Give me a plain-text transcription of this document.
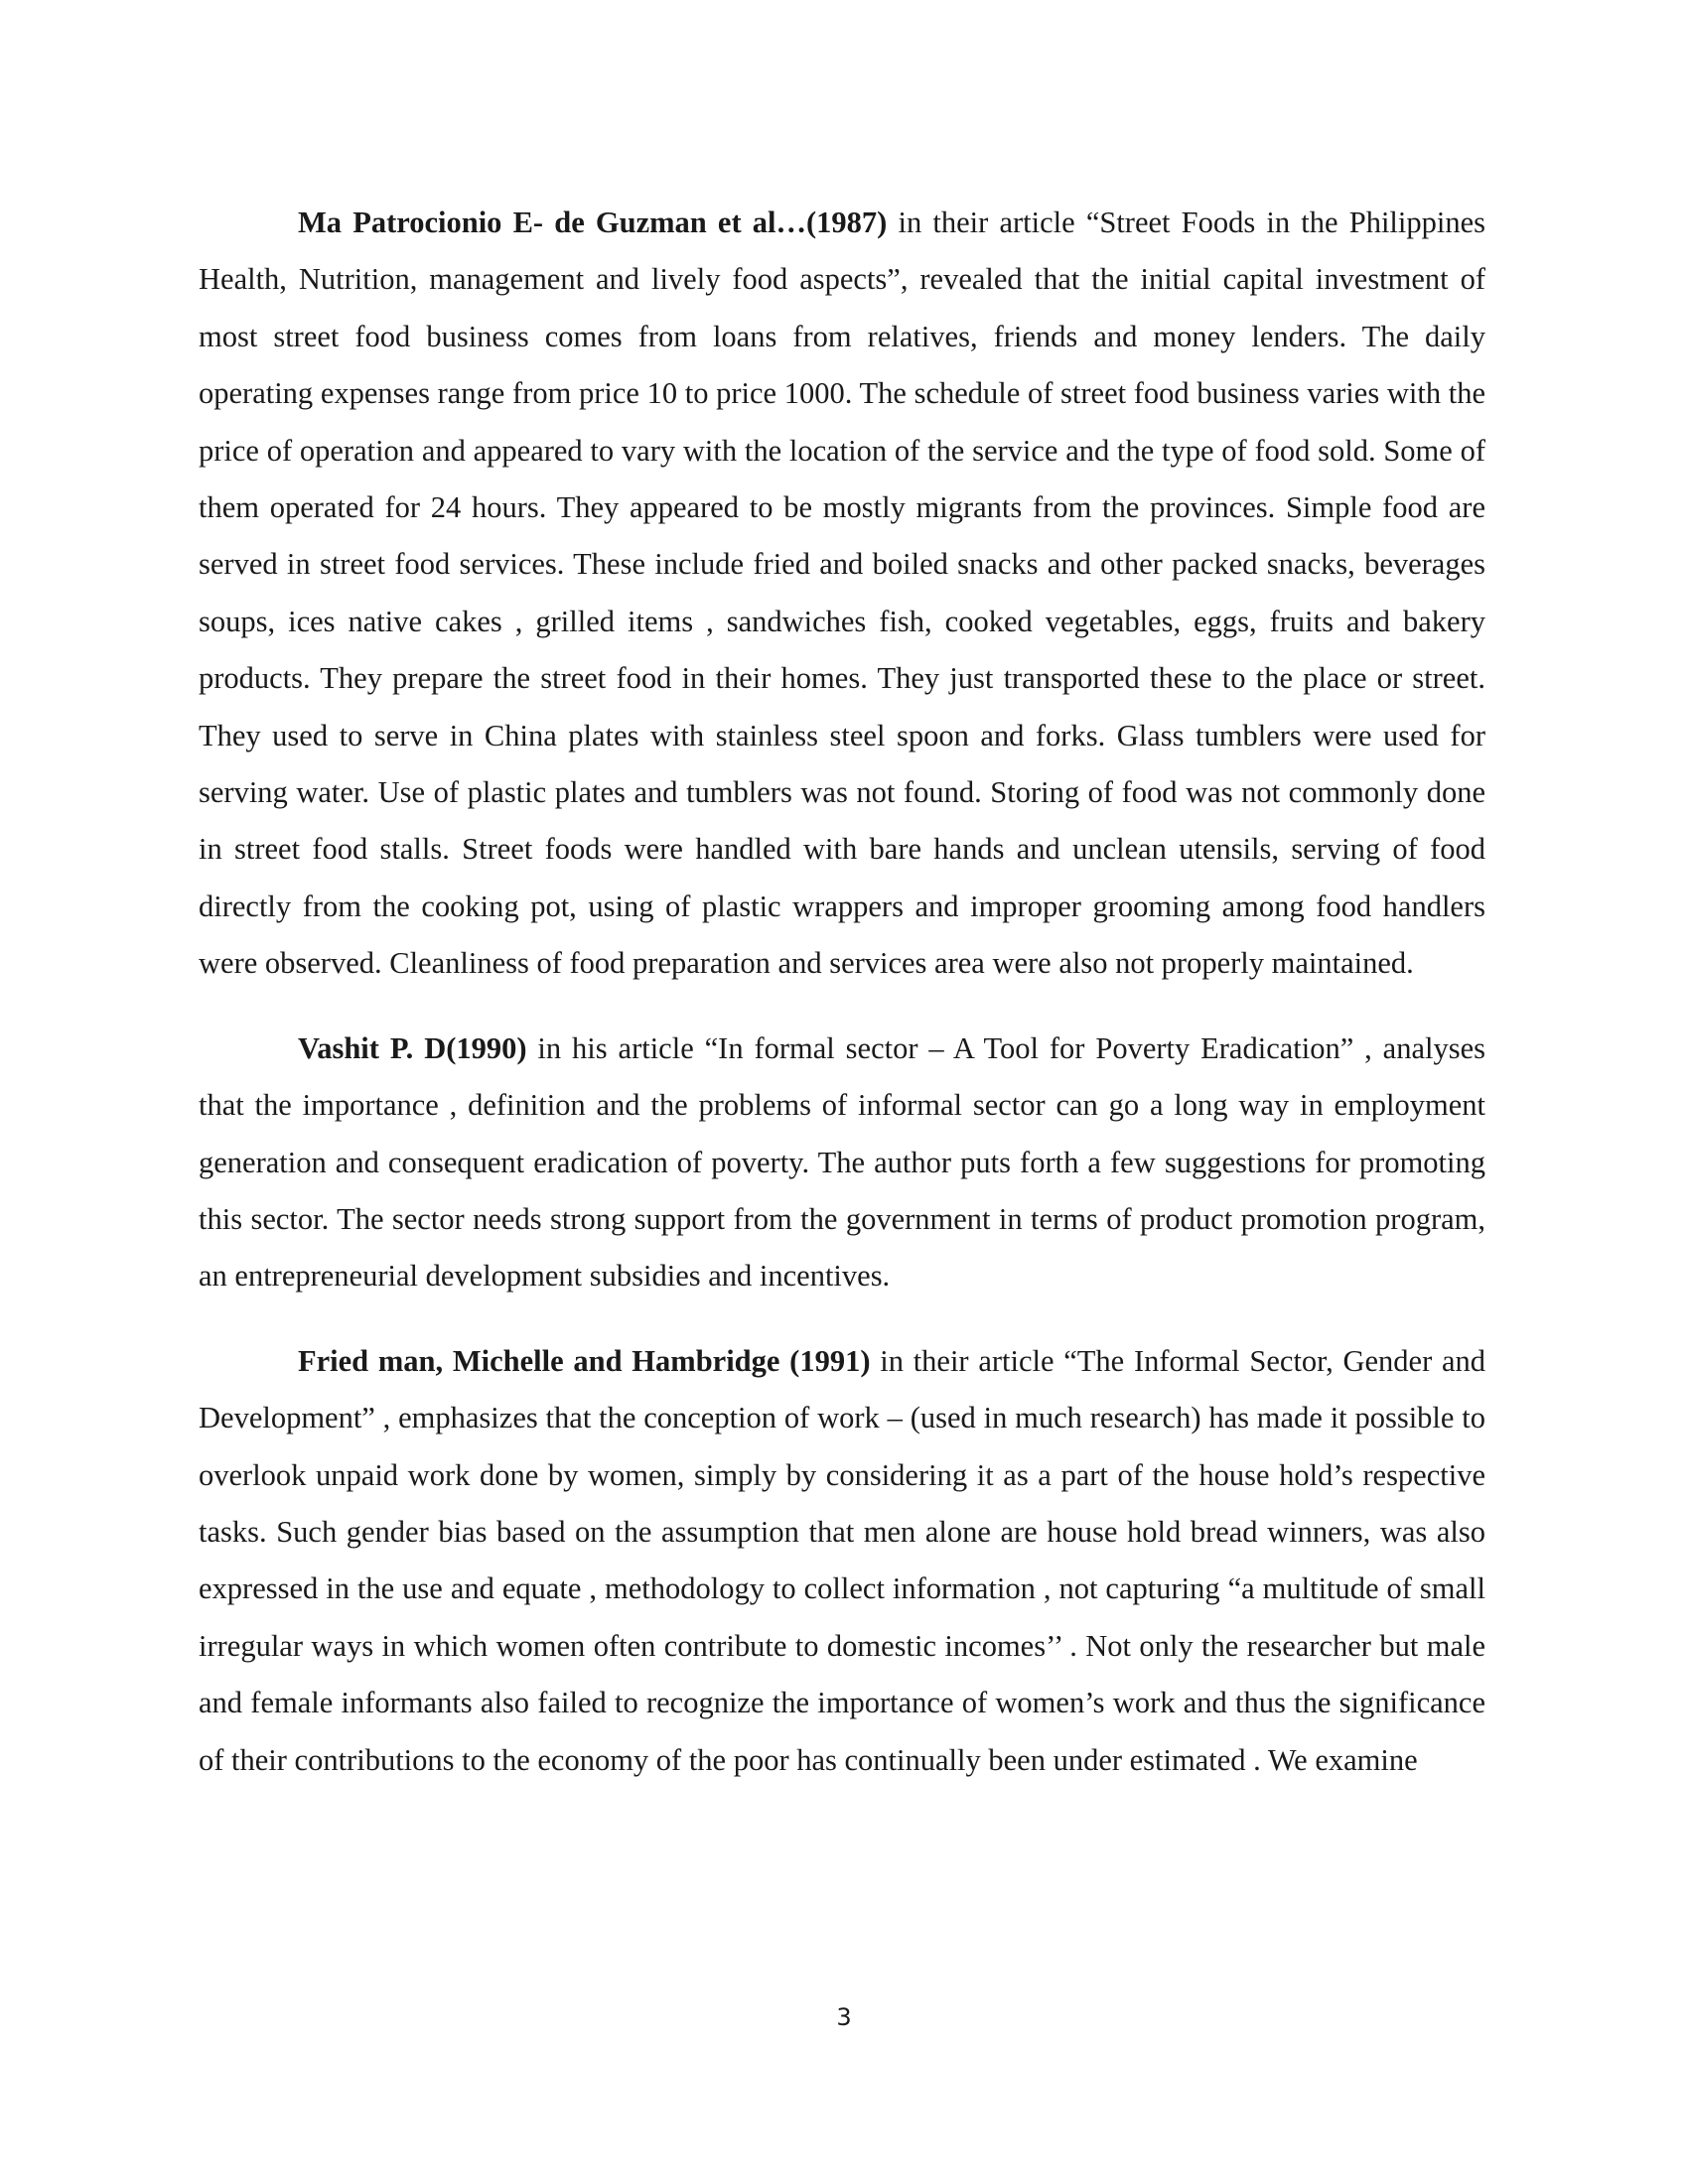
Ma Patrocionio E- de Guzman et al…(1987) in their article “Street Foods in the Philippines Health, Nutrition, management and lively food aspects”, revealed that the initial capital investment of most street food business comes from loans from relatives, friends and money lenders. The daily operating expenses range from price 10 to price 1000. The schedule of street food business varies with the price of operation and appeared to vary with the location of the service and the type of food sold. Some of them operated for 24 hours. They appeared to be mostly migrants from the provinces. Simple food are served in street food services. These include fried and boiled snacks and other packed snacks, beverages soups, ices native cakes , grilled items , sandwiches fish, cooked vegetables, eggs, fruits and bakery products. They prepare the street food in their homes. They just transported these to the place or street. They used to serve in China plates with stainless steel spoon and forks. Glass tumblers were used for serving water. Use of plastic plates and tumblers was not found. Storing of food was not commonly done in street food stalls. Street foods were handled with bare hands and unclean utensils, serving of food directly from the cooking pot, using of plastic wrappers and improper grooming among food handlers were observed. Cleanliness of food preparation and services area were also not properly maintained.

Vashit P. D(1990) in his article “In formal sector – A Tool for Poverty Eradication” , analyses that the importance , definition and the problems of informal sector can go a long way in employment generation and consequent eradication of poverty. The author puts forth a few suggestions for promoting this sector. The sector needs strong support from the government in terms of product promotion program, an entrepreneurial development subsidies and incentives.

Fried man, Michelle and Hambridge (1991) in their article “The Informal Sector, Gender and Development” , emphasizes that the conception of work – (used in much research) has made it possible to overlook unpaid work done by women, simply by considering it as a part of the house hold’s respective tasks. Such gender bias based on the assumption that men alone are house hold bread winners, was also expressed in the use and equate , methodology to collect information , not capturing “a multitude of small irregular ways in which women often contribute to domestic incomes’’ . Not only the researcher but male and female informants also failed to recognize the importance of women’s work and thus the significance of their contributions to the economy of the poor has continually been under estimated . We examine

3
